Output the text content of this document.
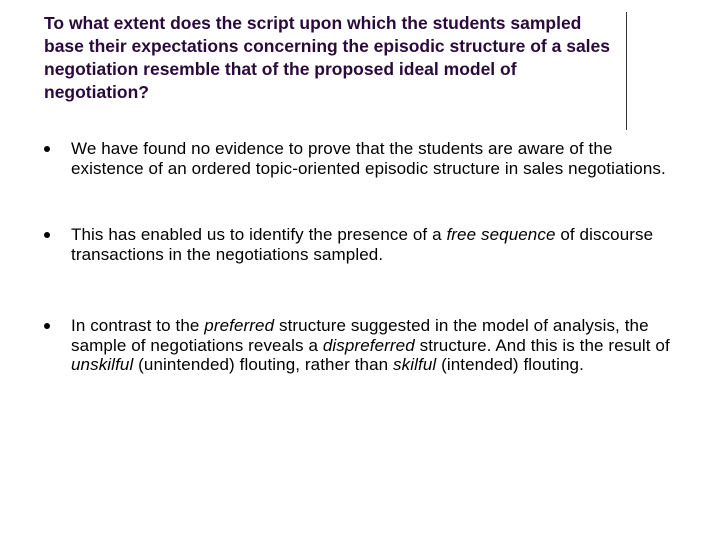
To what extent does the script upon which the students sampled base their expectations concerning the episodic structure of a sales negotiation resemble that of the proposed ideal model of negotiation?
We have found no evidence to prove that the students are aware of the existence of an ordered topic-oriented episodic structure in sales negotiations.
This has enabled us to identify the presence of a free sequence of discourse transactions in the negotiations sampled.
In contrast to the preferred structure suggested in the model of analysis, the sample of negotiations reveals a dispreferred structure. And this is the result of unskilful (unintended) flouting, rather than skilful (intended) flouting.
